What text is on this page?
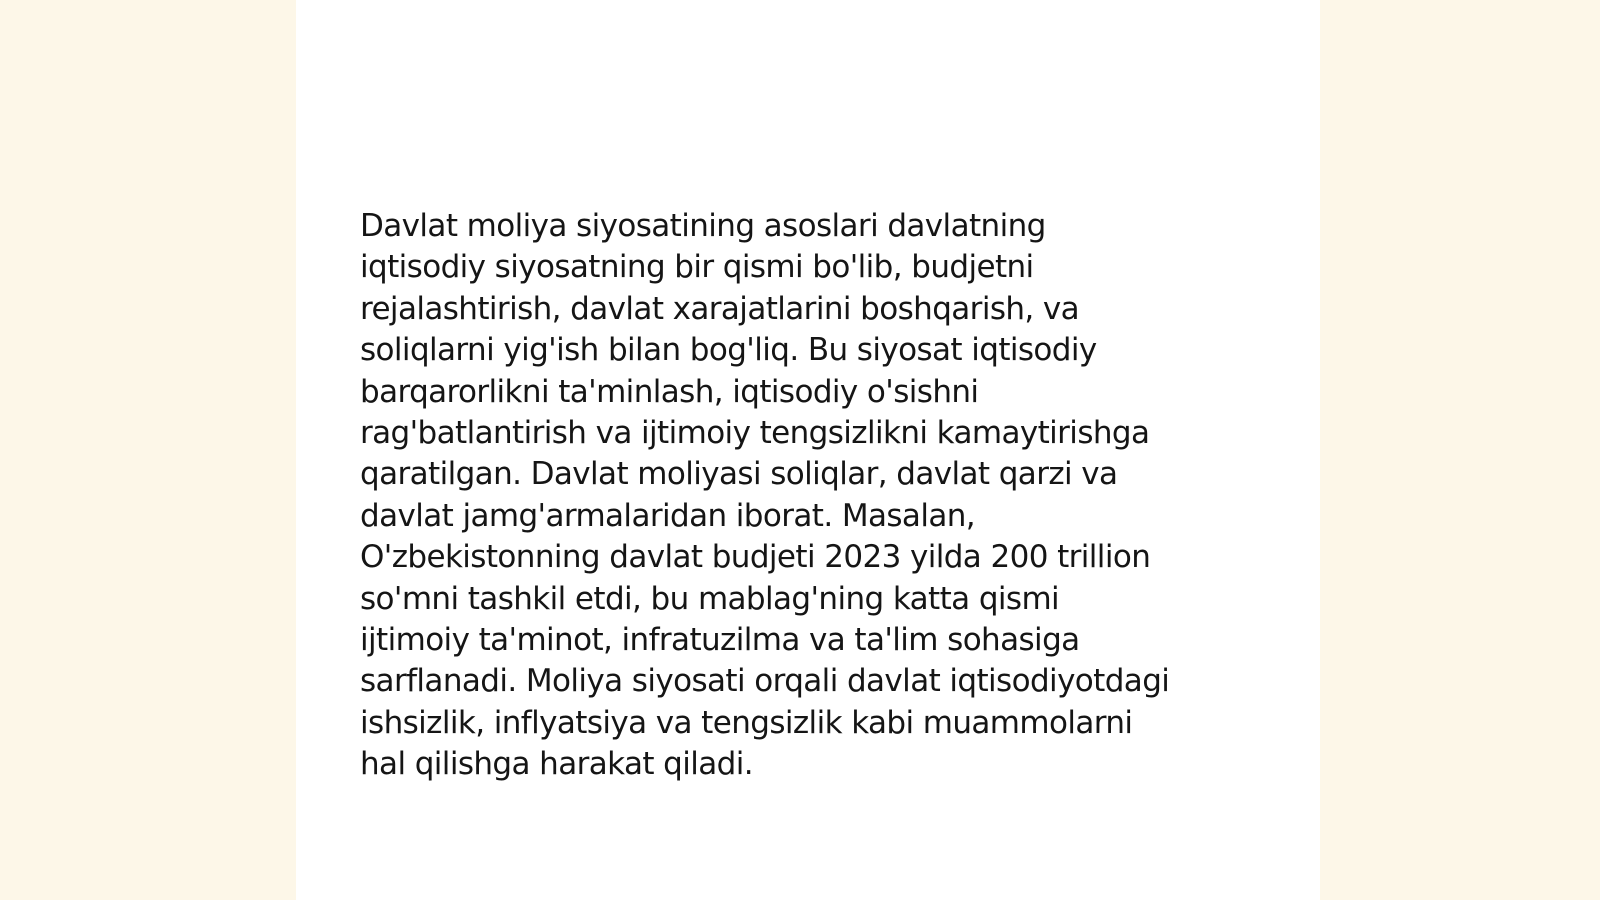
Davlat moliya siyosatining asoslari davlatning
iqtisodiy siyosatning bir qismi bo'lib, budjetni
rejalashtirish, davlat xarajatlarini boshqarish, va
soliqlarni yig'ish bilan bog'liq. Bu siyosat iqtisodiy
barqarorlikni ta'minlash, iqtisodiy o'sishni
rag'batlantirish va ijtimoiy tengsizlikni kamaytirishga
qaratilgan. Davlat moliyasi soliqlar, davlat qarzi va
davlat jamg'armalaridan iborat. Masalan,
O'zbekistonning davlat budjeti 2023 yilda 200 trillion
so'mni tashkil etdi, bu mablag'ning katta qismi
ijtimoiy ta'minot, infratuzilma va ta'lim sohasiga
sarflanadi. Moliya siyosati orqali davlat iqtisodiyotdagi
ishsizlik, inflyatsiya va tengsizlik kabi muammolarni
hal qilishga harakat qiladi.
